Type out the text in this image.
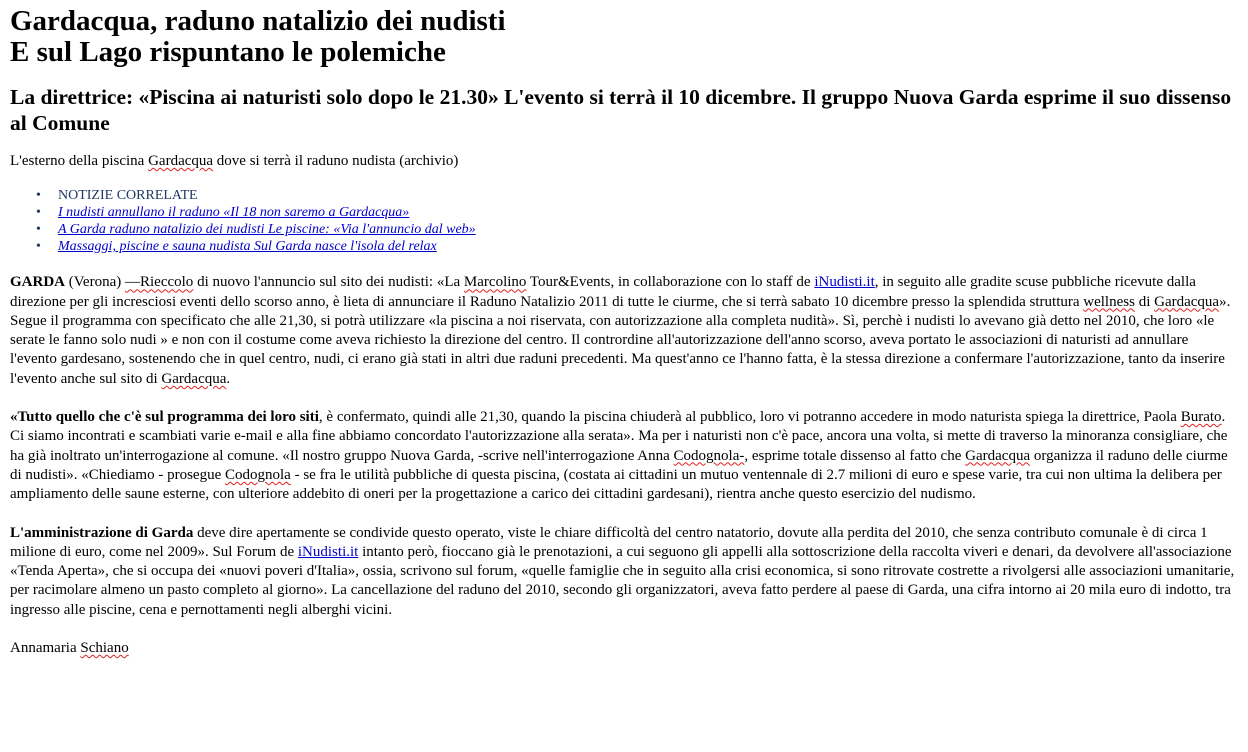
Gardacqua, raduno natalizio dei nudisti
E sul Lago rispuntano le polemiche
La direttrice: «Piscina ai naturisti solo dopo le 21.30» L'evento si terrà il 10 dicembre. Il gruppo Nuova Garda esprime il suo dissenso al Comune

L'esterno della piscina Gardacqua dove si terrà il raduno nudista (archivio)

• NOTIZIE CORRELATE
• I nudisti annullano il raduno «Il 18 non saremo a Gardacqua»
• A Garda raduno natalizio dei nudisti Le piscine: «Via l'annuncio dal web»
• Massaggi, piscine e sauna nudista Sul Garda nasce l'isola del relax

GARDA (Verona) —Rieccolo di nuovo l'annuncio sul sito dei nudisti: «La Marcolino Tour&Events, in collaborazione con lo staff de iNudisti.it, in seguito alle gradite scuse pubbliche ricevute dalla direzione per gli incresciosi eventi dello scorso anno, è lieta di annunciare il Raduno Natalizio 2011 di tutte le ciurme, che si terrà sabato 10 dicembre presso la splendida struttura wellness di Gardacqua». Segue il programma con specificato che alle 21,30, si potrà utilizzare «la piscina a noi riservata, con autorizzazione alla completa nudità». Sì, perchè i nudisti lo avevano già detto nel 2010, che loro «le serate le fanno solo nudi » e non con il costume come aveva richiesto la direzione del centro. Il contrordine all'autorizzazione dell'anno scorso, aveva portato le associazioni di naturisti ad annullare l'evento gardesano, sostenendo che in quel centro, nudi, ci erano già stati in altri due raduni precedenti. Ma quest'anno ce l'hanno fatta, è la stessa direzione a confermare l'autorizzazione, tanto da inserire l'evento anche sul sito di Gardacqua.

«Tutto quello che c'è sul programma dei loro siti, è confermato, quindi alle 21,30, quando la piscina chiuderà al pubblico, loro vi potranno accedere in modo naturista spiega la direttrice, Paola Burato. Ci siamo incontrati e scambiati varie e-mail e alla fine abbiamo concordato l'autorizzazione alla serata». Ma per i naturisti non c'è pace, ancora una volta, si mette di traverso la minoranza consigliare, che ha già inoltrato un'interrogazione al comune. «Il nostro gruppo Nuova Garda, -scrive nell'interrogazione Anna Codognola-, esprime totale dissenso al fatto che Gardacqua organizza il raduno delle ciurme di nudisti». «Chiediamo - prosegue Codognola - se fra le utilità pubbliche di questa piscina, (costata ai cittadini un mutuo ventennale di 2.7 milioni di euro e spese varie, tra cui non ultima la delibera per ampliamento delle saune esterne, con ulteriore addebito di oneri per la progettazione a carico dei cittadini gardesani), rientra anche questo esercizio del nudismo.

L'amministrazione di Garda deve dire apertamente se condivide questo operato, viste le chiare difficoltà del centro natatorio, dovute alla perdita del 2010, che senza contributo comunale è di circa 1 milione di euro, come nel 2009». Sul Forum de iNudisti.it intanto però, fioccano già le prenotazioni, a cui seguono gli appelli alla sottoscrizione della raccolta viveri e denari, da devolvere all'associazione «Tenda Aperta», che si occupa dei «nuovi poveri d'Italia», ossia, scrivono sul forum, «quelle famiglie che in seguito alla crisi economica, si sono ritrovate costrette a rivolgersi alle associazioni umanitarie, per racimolare almeno un pasto completo al giorno». La cancellazione del raduno del 2010, secondo gli organizzatori, aveva fatto perdere al paese di Garda, una cifra intorno ai 20 mila euro di indotto, tra ingresso alle piscine, cena e pernottamenti negli alberghi vicini.

Annamaria Schiano
